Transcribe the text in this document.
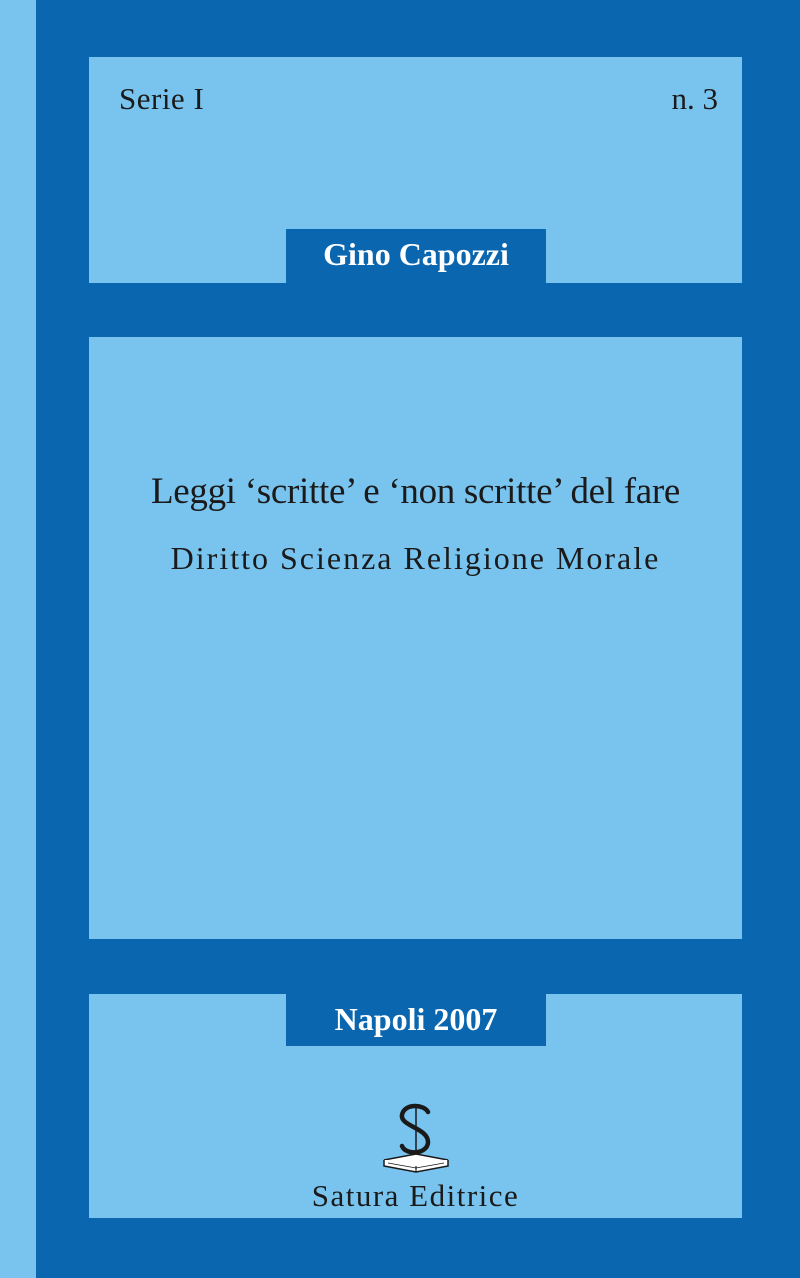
Serie I	n. 3
Gino Capozzi
Leggi ‘scritte’ e ‘non scritte’ del fare
Diritto Scienza Religione Morale
Napoli 2007
Satura Editrice
